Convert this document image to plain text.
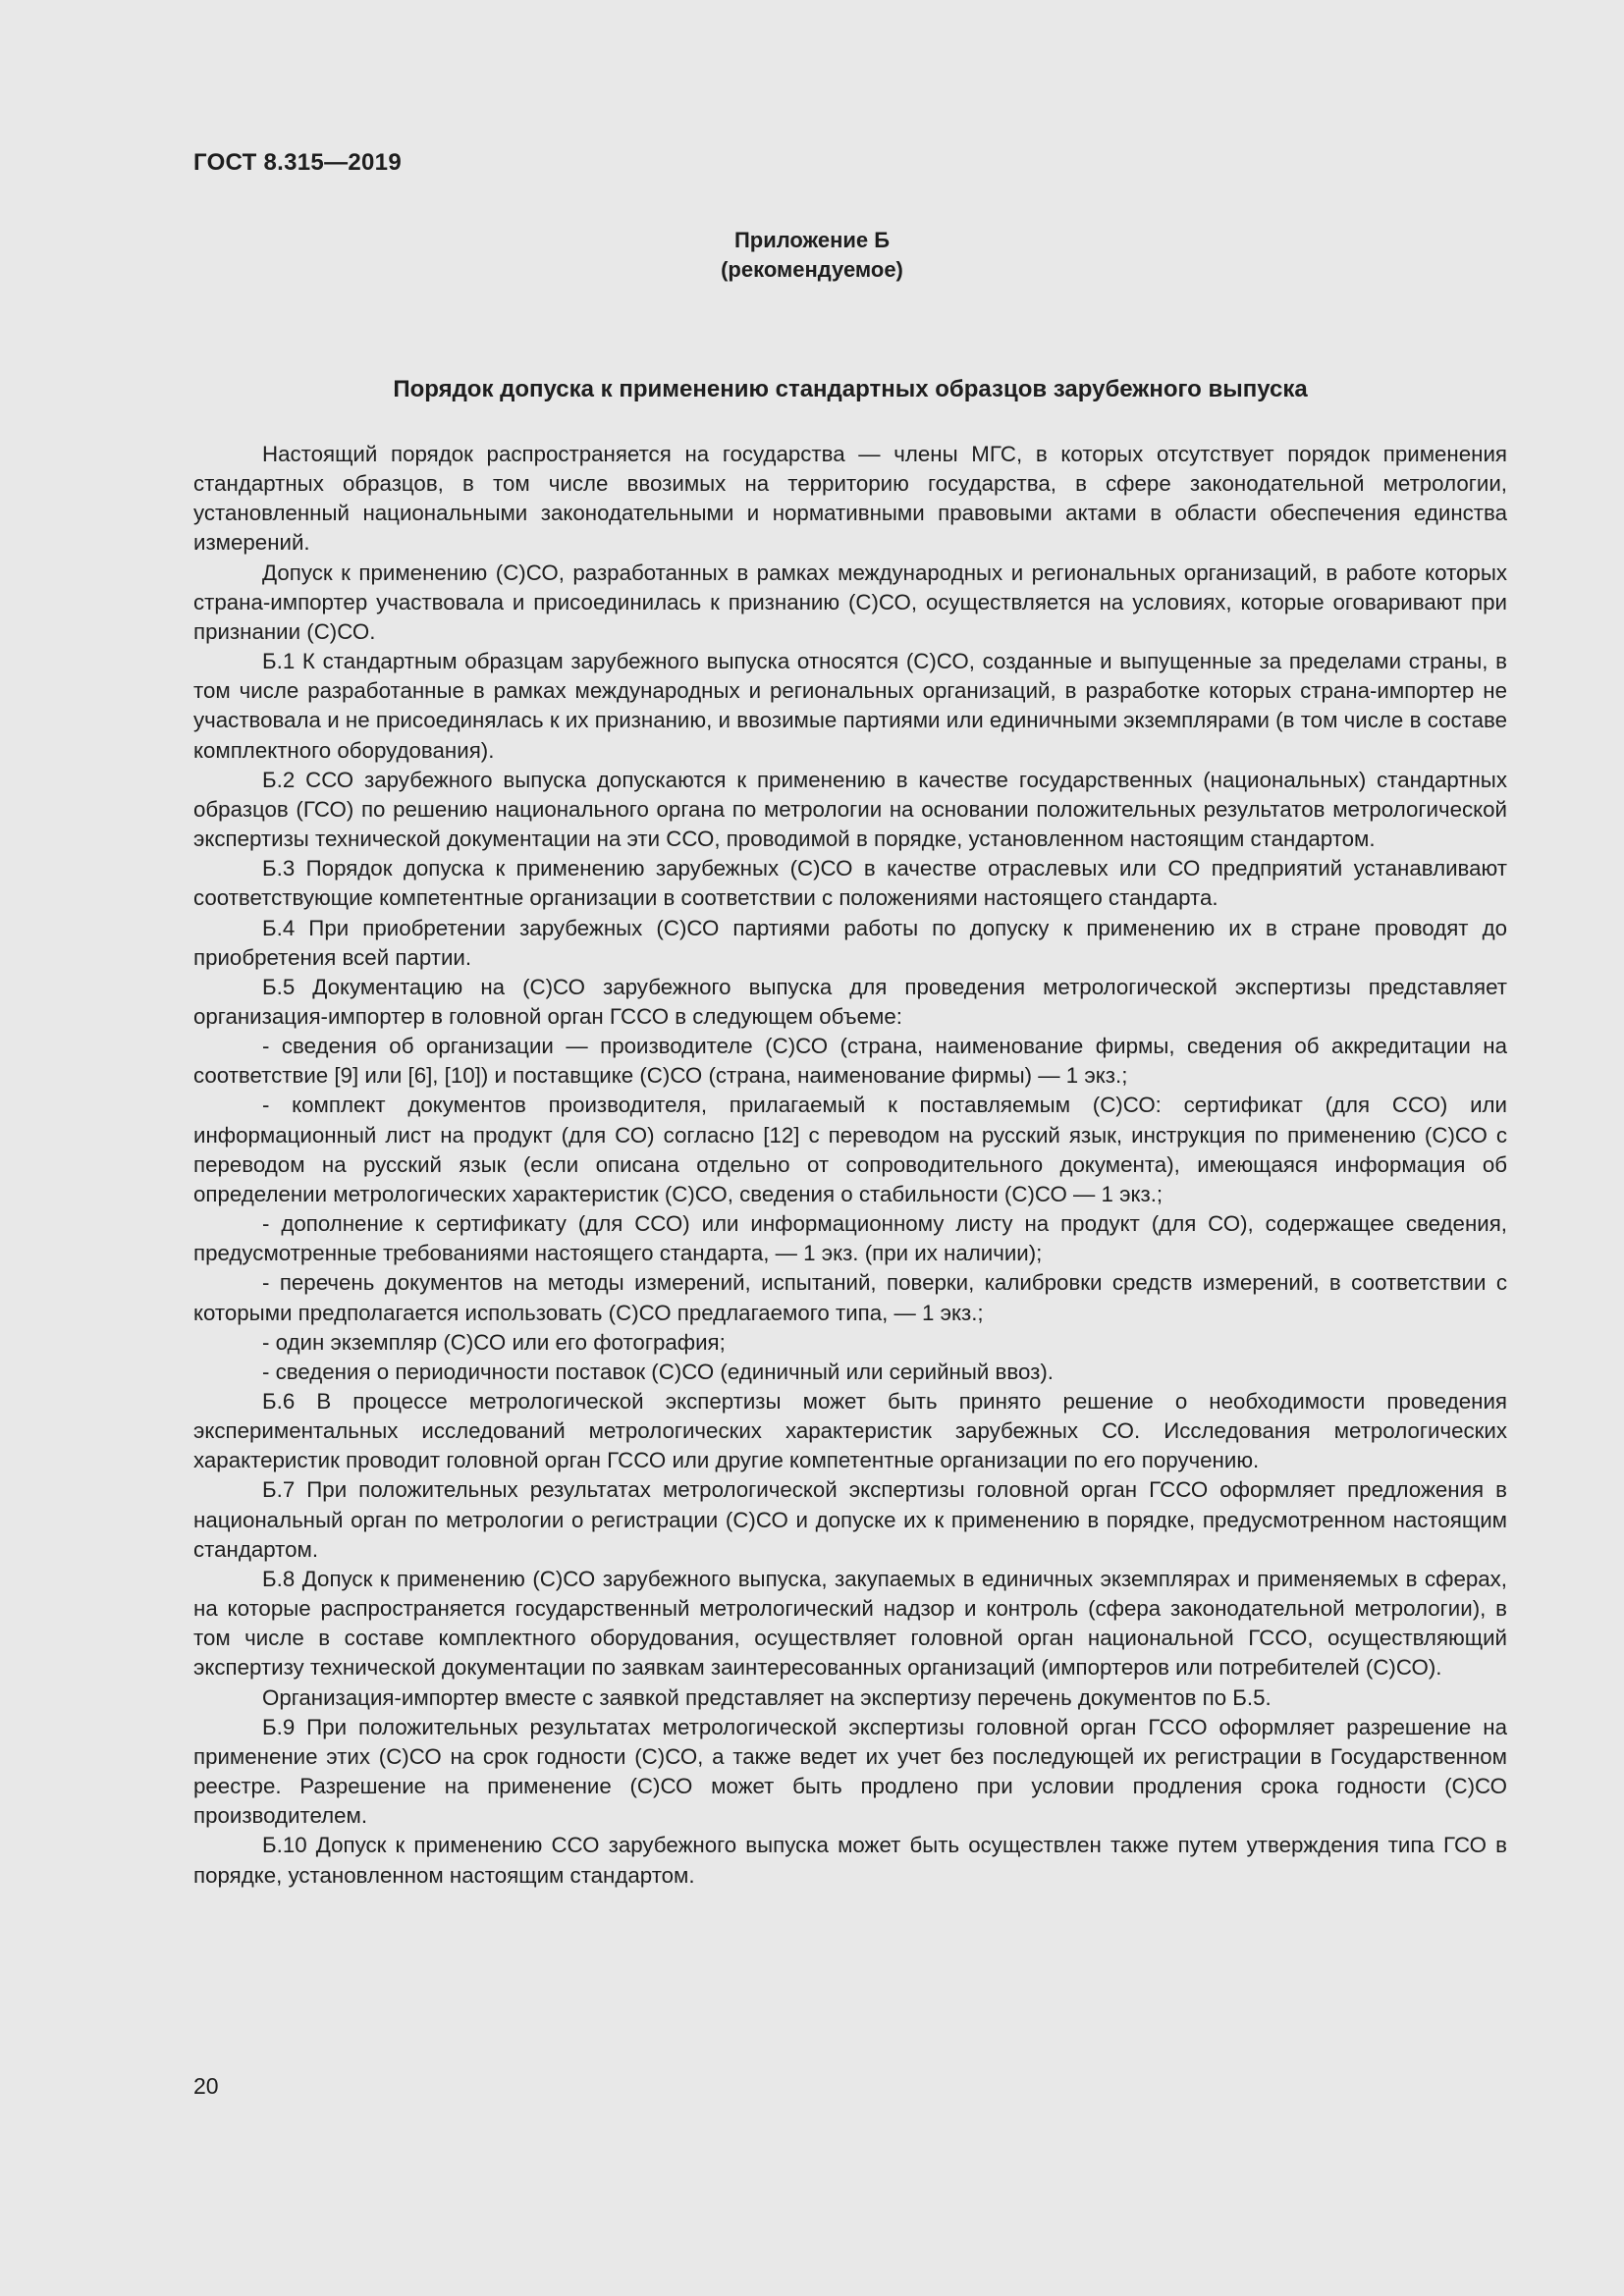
ГОСТ 8.315—2019
Приложение Б
(рекомендуемое)
Порядок допуска к применению стандартных образцов зарубежного выпуска

Настоящий порядок распространяется на государства — члены МГС, в которых отсутствует порядок применения стандартных образцов, в том числе ввозимых на территорию государства, в сфере законодательной метрологии, установленный национальными законодательными и нормативными правовыми актами в области обеспечения единства измерений.

Допуск к применению (С)СО, разработанных в рамках международных и региональных организаций, в работе которых страна-импортер участвовала и присоединилась к признанию (С)СО, осуществляется на условиях, которые оговаривают при признании (С)СО.

Б.1 К стандартным образцам зарубежного выпуска относятся (С)СО, созданные и выпущенные за пределами страны, в том числе разработанные в рамках международных и региональных организаций, в разработке которых страна-импортер не участвовала и не присоединялась к их признанию, и ввозимые партиями или единичными экземплярами (в том числе в составе комплектного оборудования).

Б.2 ССО зарубежного выпуска допускаются к применению в качестве государственных (национальных) стандартных образцов (ГСО) по решению национального органа по метрологии на основании положительных результатов метрологической экспертизы технической документации на эти ССО, проводимой в порядке, установленном настоящим стандартом.

Б.3 Порядок допуска к применению зарубежных (С)СО в качестве отраслевых или СО предприятий устанавливают соответствующие компетентные организации в соответствии с положениями настоящего стандарта.

Б.4 При приобретении зарубежных (С)СО партиями работы по допуску к применению их в стране проводят до приобретения всей партии.

Б.5 Документацию на (С)СО зарубежного выпуска для проведения метрологической экспертизы представляет организация-импортер в головной орган ГССО в следующем объеме:

- сведения об организации — производителе (С)СО (страна, наименование фирмы, сведения об аккредитации на соответствие [9] или [6], [10]) и поставщике (С)СО (страна, наименование фирмы) — 1 экз.;

- комплект документов производителя, прилагаемый к поставляемым (С)СО: сертификат (для ССО) или информационный лист на продукт (для СО) согласно [12] с переводом на русский язык, инструкция по применению (С)СО с переводом на русский язык (если описана отдельно от сопроводительного документа), имеющаяся информация об определении метрологических характеристик (С)СО, сведения о стабильности (С)СО — 1 экз.;

- дополнение к сертификату (для ССО) или информационному листу на продукт (для СО), содержащее сведения, предусмотренные требованиями настоящего стандарта, — 1 экз. (при их наличии);

- перечень документов на методы измерений, испытаний, поверки, калибровки средств измерений, в соответствии с которыми предполагается использовать (С)СО предлагаемого типа, — 1 экз.;

- один экземпляр (С)СО или его фотография;

- сведения о периодичности поставок (С)СО (единичный или серийный ввоз).

Б.6 В процессе метрологической экспертизы может быть принято решение о необходимости проведения экспериментальных исследований метрологических характеристик зарубежных СО. Исследования метрологических характеристик проводит головной орган ГССО или другие компетентные организации по его поручению.

Б.7 При положительных результатах метрологической экспертизы головной орган ГССО оформляет предложения в национальный орган по метрологии о регистрации (С)СО и допуске их к применению в порядке, предусмотренном настоящим стандартом.

Б.8 Допуск к применению (С)СО зарубежного выпуска, закупаемых в единичных экземплярах и применяемых в сферах, на которые распространяется государственный метрологический надзор и контроль (сфера законодательной метрологии), в том числе в составе комплектного оборудования, осуществляет головной орган национальной ГССО, осуществляющий экспертизу технической документации по заявкам заинтересованных организаций (импортеров или потребителей (С)СО).

Организация-импортер вместе с заявкой представляет на экспертизу перечень документов по Б.5.

Б.9 При положительных результатах метрологической экспертизы головной орган ГССО оформляет разрешение на применение этих (С)СО на срок годности (С)СО, а также ведет их учет без последующей их регистрации в Государственном реестре. Разрешение на применение (С)СО может быть продлено при условии продления срока годности (С)СО производителем.

Б.10 Допуск к применению ССО зарубежного выпуска может быть осуществлен также путем утверждения типа ГСО в порядке, установленном настоящим стандартом.

20
